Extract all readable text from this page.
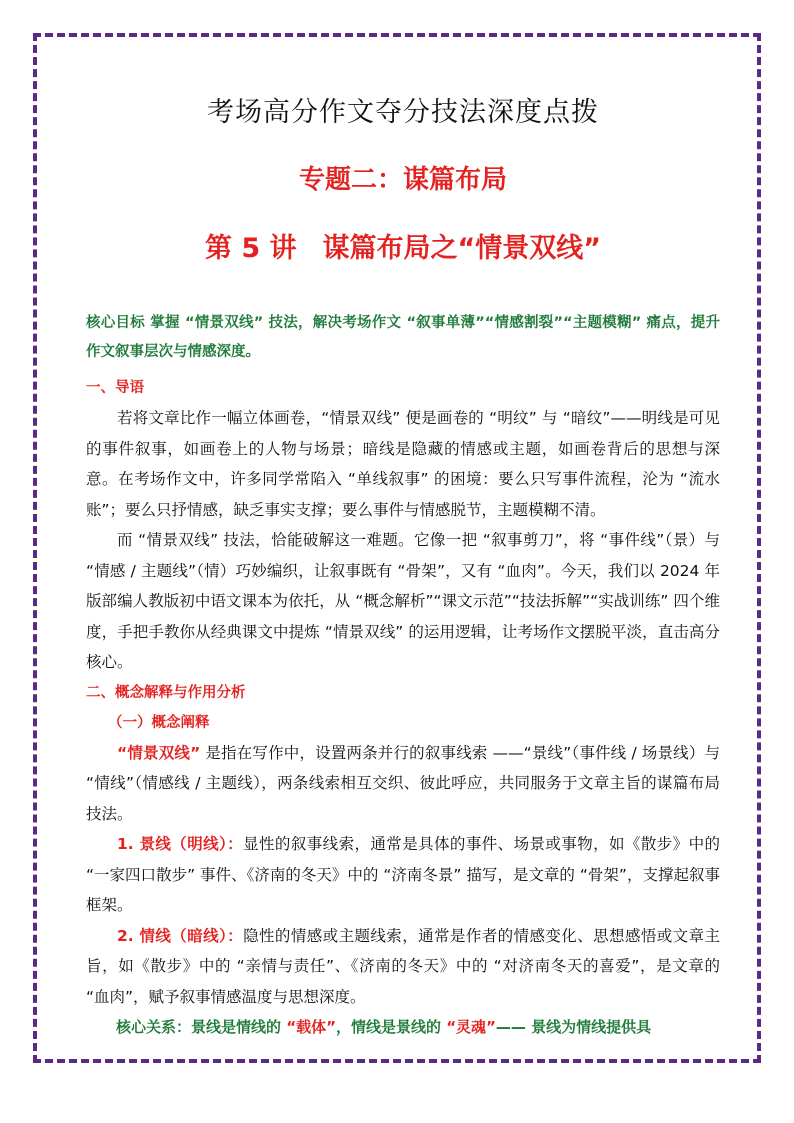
考场高分作文夺分技法深度点拨
专题二：谋篇布局
第 5 讲 谋篇布局之“情景双线”

核心目标 掌握 “情景双线” 技法，解决考场作文 “叙事单薄”“情感割裂”“主题模糊” 痛点，提升作文叙事层次与情感深度。

一、导语

若将文章比作一幅立体画卷，“情景双线” 便是画卷的 “明纹” 与 “暗纹”——明线是可见的事件叙事，如画卷上的人物与场景；暗线是隐藏的情感或主题，如画卷背后的思想与深意。在考场作文中，许多同学常陷入 “单线叙事” 的困境：要么只写事件流程，沦为 “流水账”；要么只抒情感，缺乏事实支撑；要么事件与情感脱节，主题模糊不清。

而 “情景双线” 技法，恰能破解这一难题。它像一把 “叙事剪刀”，将 “事件线”（景）与 “情感 / 主题线”（情）巧妙编织，让叙事既有 “骨架”，又有 “血肉”。今天，我们以 2024 年版部编人教版初中语文课本为依托，从 “概念解析”“课文示范”“技法拆解”“实战训练” 四个维度，手把手教你从经典课文中提炼 “情景双线” 的运用逻辑，让考场作文摆脱平淡，直击高分核心。

二、概念解释与作用分析
（一）概念阐释

“情景双线” 是指在写作中，设置两条并行的叙事线索 ——“景线”（事件线 / 场景线）与 “情线”（情感线 / 主题线），两条线索相互交织、彼此呼应，共同服务于文章主旨的谋篇布局技法。

1. 景线（明线）：显性的叙事线索，通常是具体的事件、场景或事物，如《散步》中的 “一家四口散步” 事件、《济南的冬天》中的 “济南冬景” 描写，是文章的 “骨架”，支撑起叙事框架。

2. 情线（暗线）：隐性的情感或主题线索，通常是作者的情感变化、思想感悟或文章主旨，如《散步》中的 “亲情与责任”、《济南的冬天》中的 “对济南冬天的喜爱”，是文章的 “血肉”，赋予叙事情感温度与思想深度。

核心关系：景线是情线的 “载体”，情线是景线的 “灵魂”—— 景线为情线提供具
